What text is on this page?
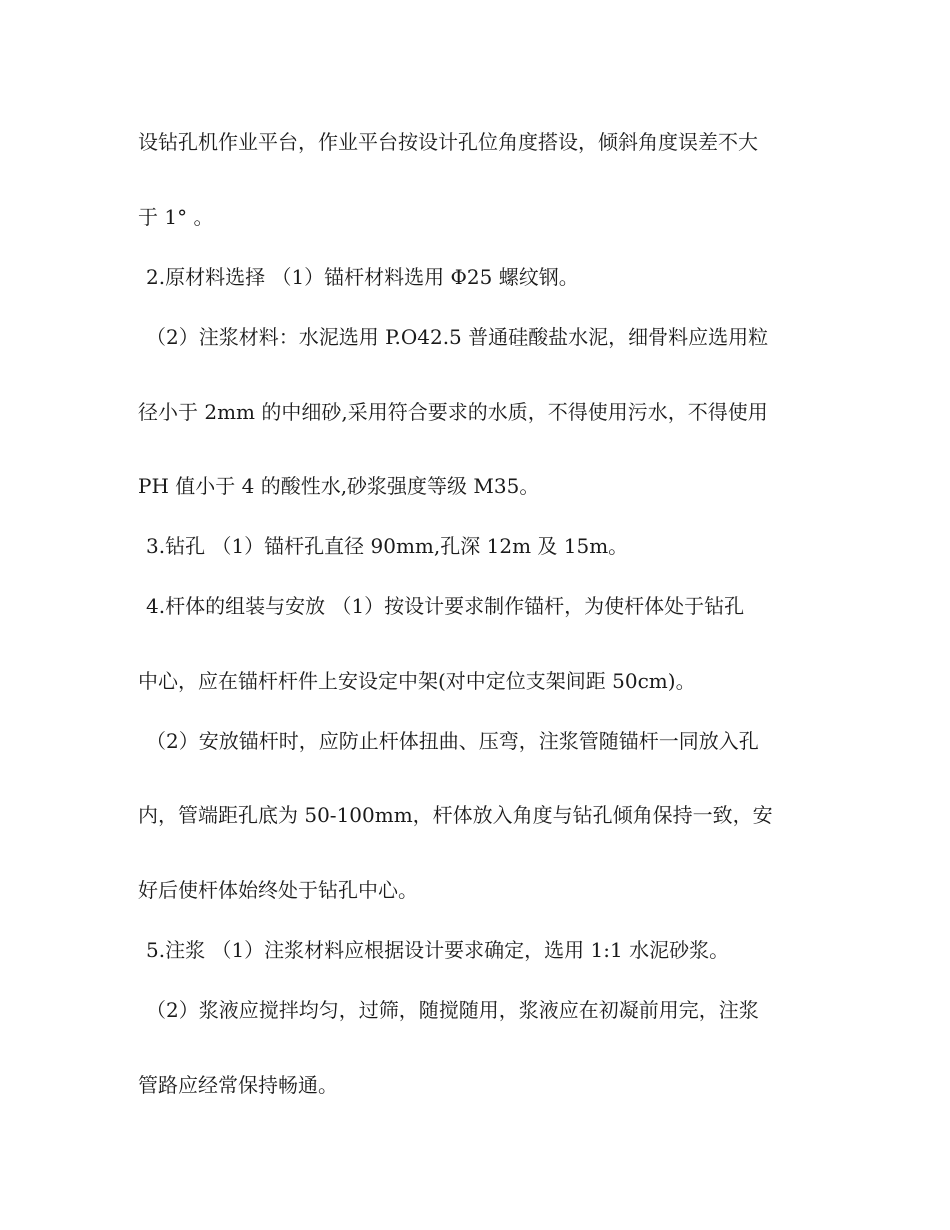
设钻孔机作业平台，作业平台按设计孔位角度搭设，倾斜角度误差不大
于 1° 。
2.原材料选择 （1）锚杆材料选用 Φ25 螺纹钢。
（2）注浆材料：水泥选用 P.O42.5 普通硅酸盐水泥，细骨料应选用粒
径小于 2mm 的中细砂,采用符合要求的水质，不得使用污水，不得使用
PH 值小于 4 的酸性水,砂浆强度等级 M35。
3.钻孔 （1）锚杆孔直径 90mm,孔深 12m 及 15m。
4.杆体的组装与安放 （1）按设计要求制作锚杆，为使杆体处于钻孔
中心，应在锚杆杆件上安设定中架(对中定位支架间距 50cm)。
（2）安放锚杆时，应防止杆体扭曲、压弯，注浆管随锚杆一同放入孔
内，管端距孔底为 50-100mm，杆体放入角度与钻孔倾角保持一致，安
好后使杆体始终处于钻孔中心。
5.注浆 （1）注浆材料应根据设计要求确定，选用 1:1 水泥砂浆。
（2）浆液应搅拌均匀，过筛，随搅随用，浆液应在初凝前用完，注浆
管路应经常保持畅通。
